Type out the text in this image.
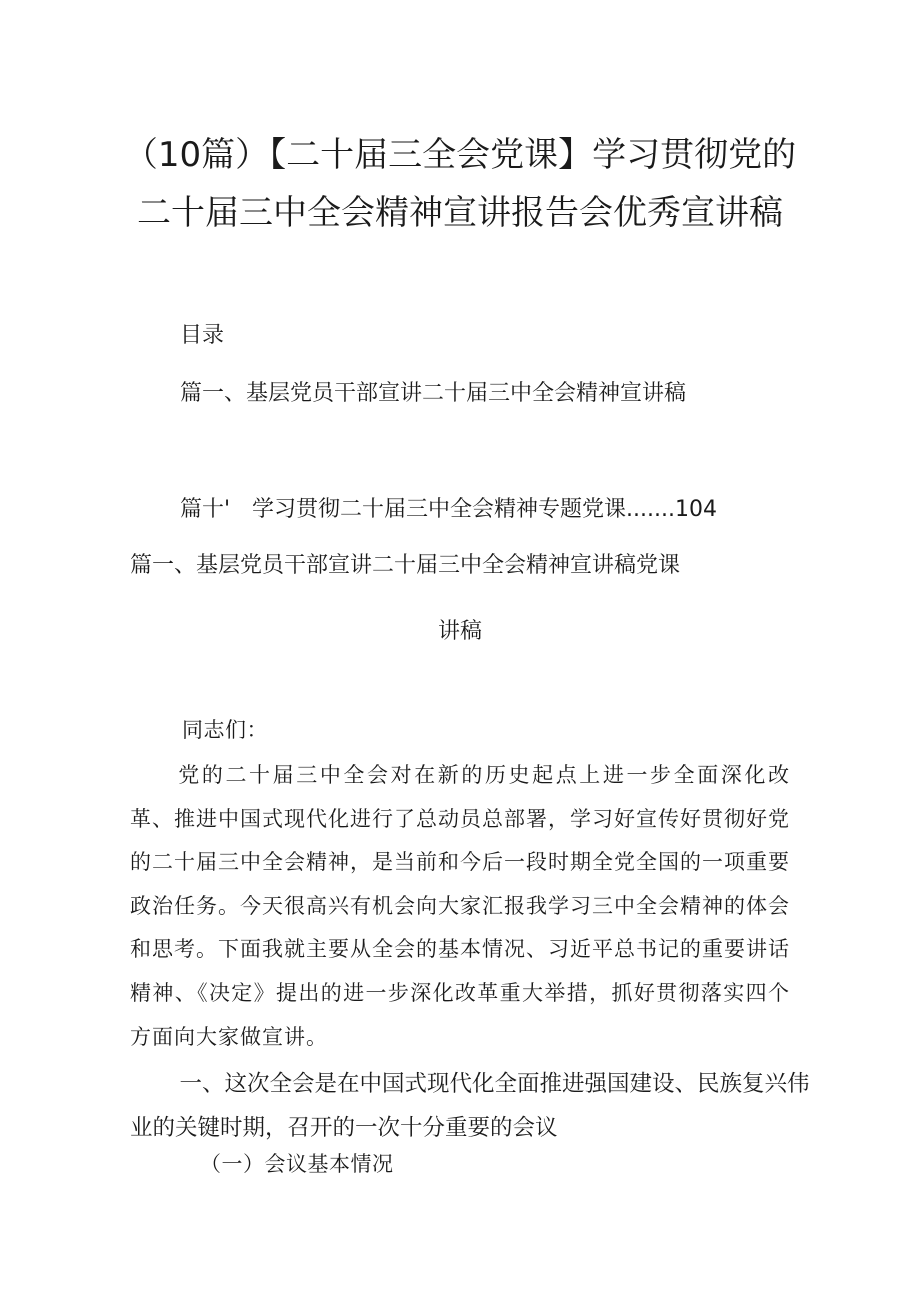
（10篇）【二十届三全会党课】学习贯彻党的二十届三中全会精神宣讲报告会优秀宣讲稿
目录
篇一、基层党员干部宣讲二十届三中全会精神宣讲稿
篇十'　学习贯彻二十届三中全会精神专题党课.......104
篇一、基层党员干部宣讲二十届三中全会精神宣讲稿党课
讲稿
同志们：
党的二十届三中全会对在新的历史起点上进一步全面深化改革、推进中国式现代化进行了总动员总部署，学习好宣传好贯彻好党的二十届三中全会精神，是当前和今后一段时期全党全国的一项重要政治任务。今天很高兴有机会向大家汇报我学习三中全会精神的体会和思考。下面我就主要从全会的基本情况、习近平总书记的重要讲话精神、《决定》提出的进一步深化改革重大举措，抓好贯彻落实四个方面向大家做宣讲。
一、这次全会是在中国式现代化全面推进强国建设、民族复兴伟业的关键时期，召开的一次十分重要的会议
（一）会议基本情况
